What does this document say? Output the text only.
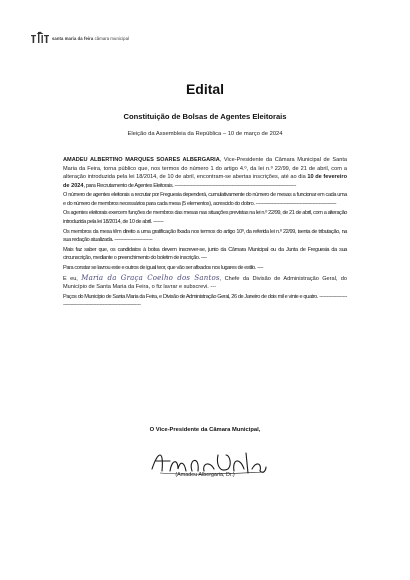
santa maria da feira câmara municipal
Edital
Constituição de Bolsas de Agentes Eleitorais
Eleição da Assembleia da República – 10 de março de 2024

AMADEU ALBERTINO MARQUES SOARES ALBERGARIA, Vice-Presidente da Câmara Municipal de Santa Maria da Feira, torna público que, nos termos do número 1 do artigo 4.º, da lei n.º 22/99, de 21 de abril, com a alteração introduzida pela lei 18/2014, de 10 de abril, encontram-se abertas inscrições, até ao dia 10 de fevereiro de 2024, para Recrutamento de Agentes Eleitorais. -----------------------------------------------------------------------------------

O número de agentes eleitorais a recrutar por Freguesia dependerá, cumulativamente do número de mesas a funcionar em cada uma e do número de membros necessários para cada mesa (5 elementos), acrescido do dobro. -------------------------------------------------------

Os agentes eleitorais exercem funções de membros das mesas nas situações previstas na lei n.º 22/99, de 21 de abril, com a alteração introduzida pela lei 18/2014, de 10 de abril. -------

Os membros da mesa têm direito a uma gratificação fixada nos termos do artigo 10º, da referida lei n.º 22/99, isenta de tributação, na sua redação atualizada. --------------------------

Mais faz saber que, os candidatos à bolsa devem inscrever-se, junto da Câmara Municipal ou da Junta de Freguesia da sua circunscrição, mediante o preenchimento do boletim de inscrição. ----

Para constar se lavrou este e outros de igual teor, que vão ser afixados nos lugares de estilo. ----

E eu, Maria da Graça Coelho dos Santos, Chefe da Divisão de Administração Geral, do Município de Santa Maria da Feira, o fiz lavrar e subscrevi. ---

Paços do Município de Santa Maria da Feira, e Divisão de Administração Geral, 26 de Janeiro de dois mil e vinte e quatro. ------------------------------------------------------------------------

O Vice-Presidente da Câmara Municipal,
(Amadeu Albergaria, Dr.)
